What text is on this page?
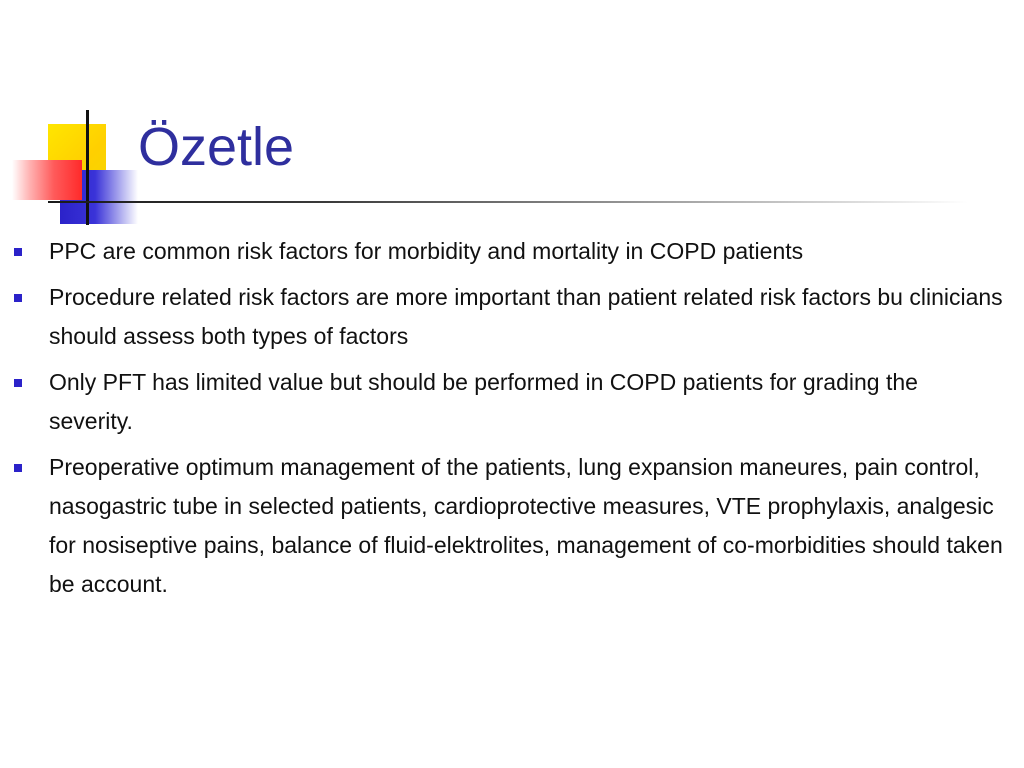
Özetle
PPC are common risk factors for morbidity and mortality in COPD patients
Procedure related risk factors are more important than patient related risk factors bu clinicians should assess both types of factors
Only PFT has limited value but should be performed in COPD patients for grading the severity.
Preoperative optimum management of the patients, lung expansion maneures, pain control, nasogastric tube in selected patients, cardioprotective measures, VTE prophylaxis, analgesic for nosiseptive pains, balance of fluid-elektrolites, management of co-morbidities should taken be account.
